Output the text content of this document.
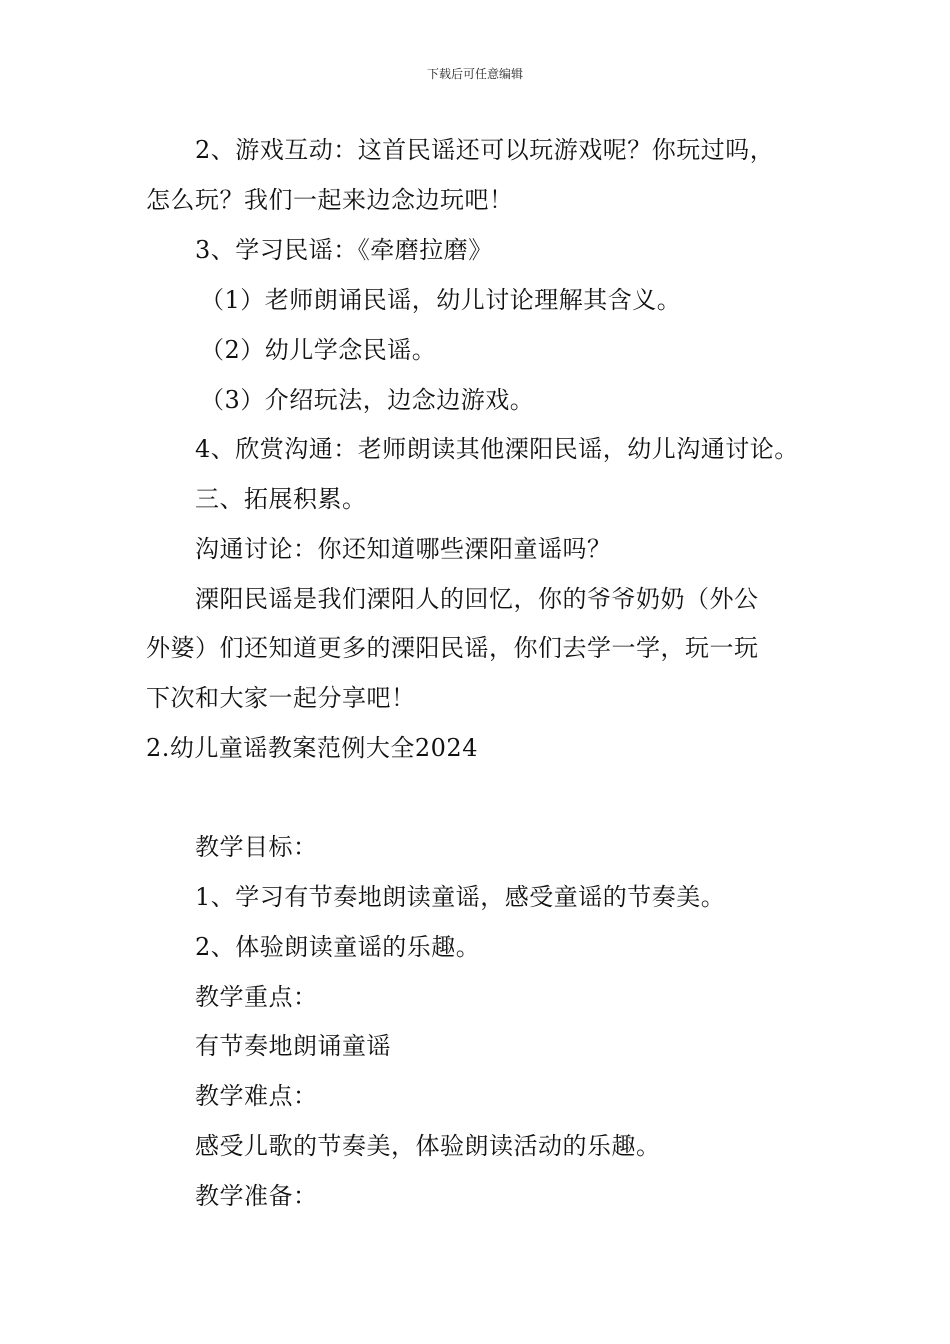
下载后可任意编辑
2、游戏互动：这首民谣还可以玩游戏呢？你玩过吗，
怎么玩？我们一起来边念边玩吧！
3、学习民谣：《牵磨拉磨》
（1）老师朗诵民谣，幼儿讨论理解其含义。
（2）幼儿学念民谣。
（3）介绍玩法，边念边游戏。
4、欣赏沟通：老师朗读其他溧阳民谣，幼儿沟通讨论。
三、拓展积累。
沟通讨论：你还知道哪些溧阳童谣吗？
溧阳民谣是我们溧阳人的回忆，你的爷爷奶奶（外公
外婆）们还知道更多的溧阳民谣，你们去学一学，玩一玩
下次和大家一起分享吧！
2.幼儿童谣教案范例大全2024
教学目标：
1、学习有节奏地朗读童谣，感受童谣的节奏美。
2、体验朗读童谣的乐趣。
教学重点：
有节奏地朗诵童谣
教学难点：
感受儿歌的节奏美，体验朗读活动的乐趣。
教学准备：
